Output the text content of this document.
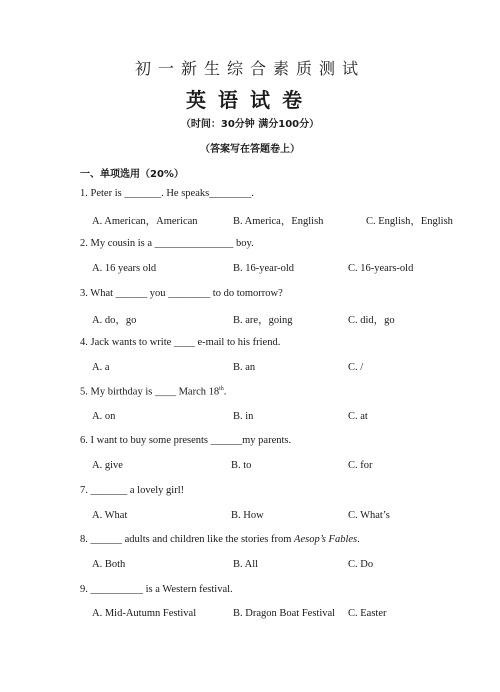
初一新生综合素质测试
英语试卷
（时间：30分钟 满分100分）
（答案写在答题卷上）
一、单项选用（20%）
1. Peter is _______. He speaks________.
A. American，American	B. America，English	C. English，English
2. My cousin is a _______________ boy.
A. 16 years old	B. 16-year-old	C. 16-years-old
3. What ______ you ________ to do tomorrow?
A. do，go	B. are，going	C. did，go
4. Jack wants to write ____ e-mail to his friend.
A. a	B. an	C. /
5. My birthday is ____ March 18th.
A. on	B. in	C. at
6. I want to buy some presents ______my parents.
A. give	B. to	C. for
7. _______ a lovely girl!
A. What	B. How	C. What’s
8. ______ adults and children like the stories from Aesop’s Fables.
A. Both	B. All	C. Do
9. __________ is a Western festival.
A. Mid-Autumn Festival	B. Dragon Boat Festival C. Easter
